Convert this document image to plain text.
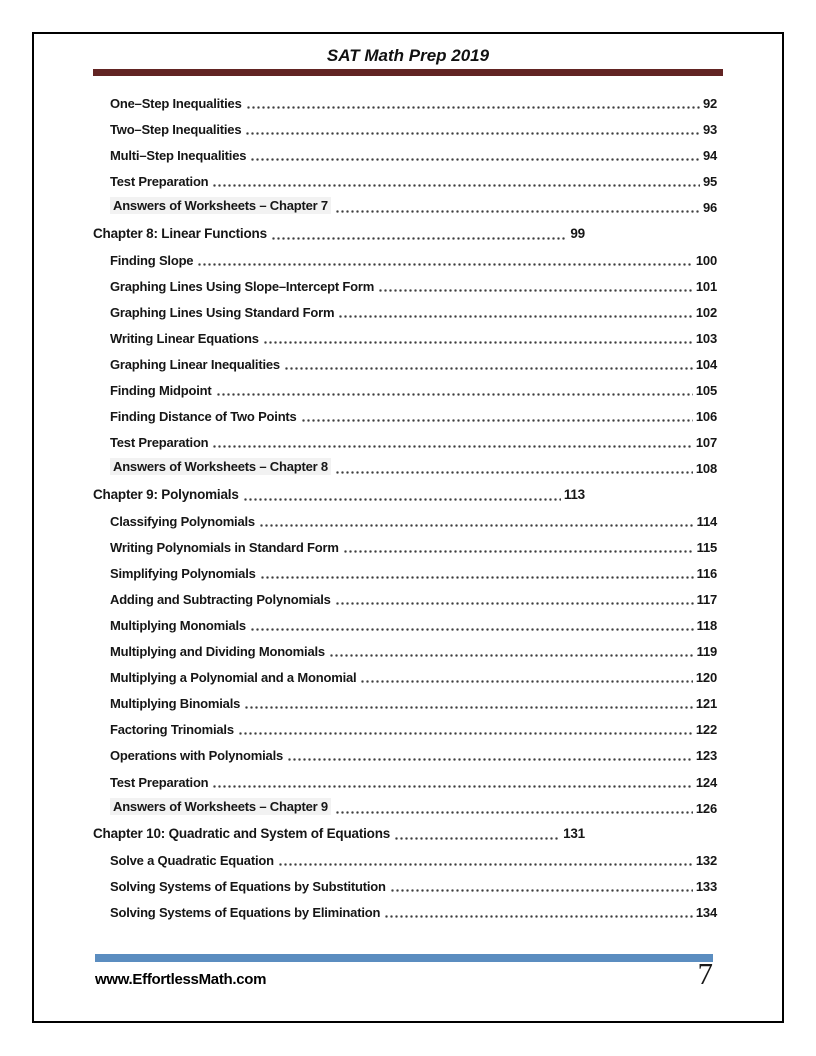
SAT Math Prep 2019
One–Step Inequalities	92
Two–Step Inequalities	93
Multi–Step Inequalities	94
Test Preparation	95
Answers of Worksheets – Chapter 7	96
Chapter 8: Linear Functions	99
Finding Slope	100
Graphing Lines Using Slope–Intercept Form	101
Graphing Lines Using Standard Form	102
Writing Linear Equations	103
Graphing Linear Inequalities	104
Finding Midpoint	105
Finding Distance of Two Points	106
Test Preparation	107
Answers of Worksheets – Chapter 8	108
Chapter 9: Polynomials	113
Classifying Polynomials	114
Writing Polynomials in Standard Form	115
Simplifying Polynomials	116
Adding and Subtracting Polynomials	117
Multiplying Monomials	118
Multiplying and Dividing Monomials	119
Multiplying a Polynomial and a Monomial	120
Multiplying Binomials	121
Factoring Trinomials	122
Operations with Polynomials	123
Test Preparation	124
Answers of Worksheets – Chapter 9	126
Chapter 10: Quadratic and System of Equations	131
Solve a Quadratic Equation	132
Solving Systems of Equations by Substitution	133
Solving Systems of Equations by Elimination	134
www.EffortlessMath.com	7
